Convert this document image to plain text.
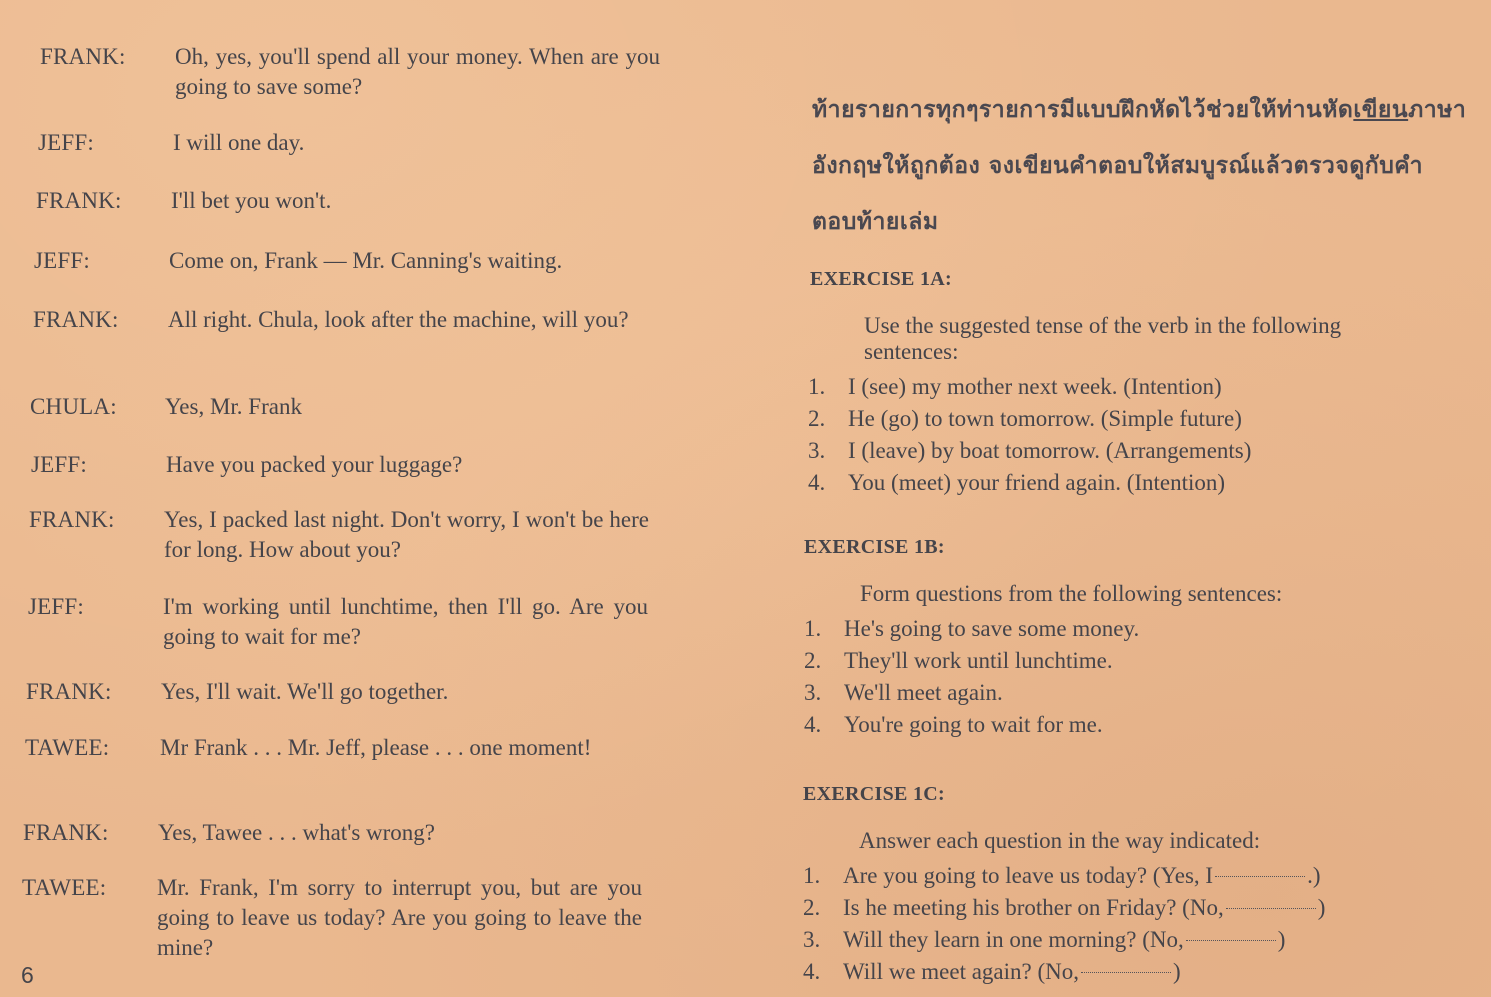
FRANK:	Oh, yes, you'll spend all your money. When are you going to save some?
JEFF:	I will one day.
FRANK:	I'll bet you won't.
JEFF:	Come on, Frank — Mr. Canning's waiting.
FRANK:	All right. Chula, look after the machine, will you?
CHULA:	Yes, Mr. Frank
JEFF:	Have you packed your luggage?
FRANK:	Yes, I packed last night. Don't worry, I won't be here for long. How about you?
JEFF:	I'm working until lunchtime, then I'll go. Are you going to wait for me?
FRANK:	Yes, I'll wait. We'll go together.
TAWEE:	Mr Frank . . . Mr. Jeff, please . . . one moment!
FRANK:	Yes, Tawee . . . what's wrong?
TAWEE:	Mr. Frank, I'm sorry to interrupt you, but are you going to leave us today? Are you going to leave the mine?
6
ท้ายรายการทุกๆรายการมีแบบฝึกหัดไว้ช่วยให้ท่านหัดเขียนภาษาอังกฤษให้ถูกต้อง จงเขียนคำตอบให้สมบูรณ์แล้วตรวจดูกับคำตอบท้ายเล่ม
EXERCISE 1A:
Use the suggested tense of the verb in the following sentences:
1. I (see) my mother next week. (Intention)
2. He (go) to town tomorrow. (Simple future)
3. I (leave) by boat tomorrow. (Arrangements)
4. You (meet) your friend again. (Intention)
EXERCISE 1B:
Form questions from the following sentences:
1. He's going to save some money.
2. They'll work until lunchtime.
3. We'll meet again.
4. You're going to wait for me.
EXERCISE 1C:
Answer each question in the way indicated:
1. Are you going to leave us today? (Yes, I	.)
2. Is he meeting his brother on Friday? (No,	)
3. Will they learn in one morning? (No,	)
4. Will we meet again? (No,	)
